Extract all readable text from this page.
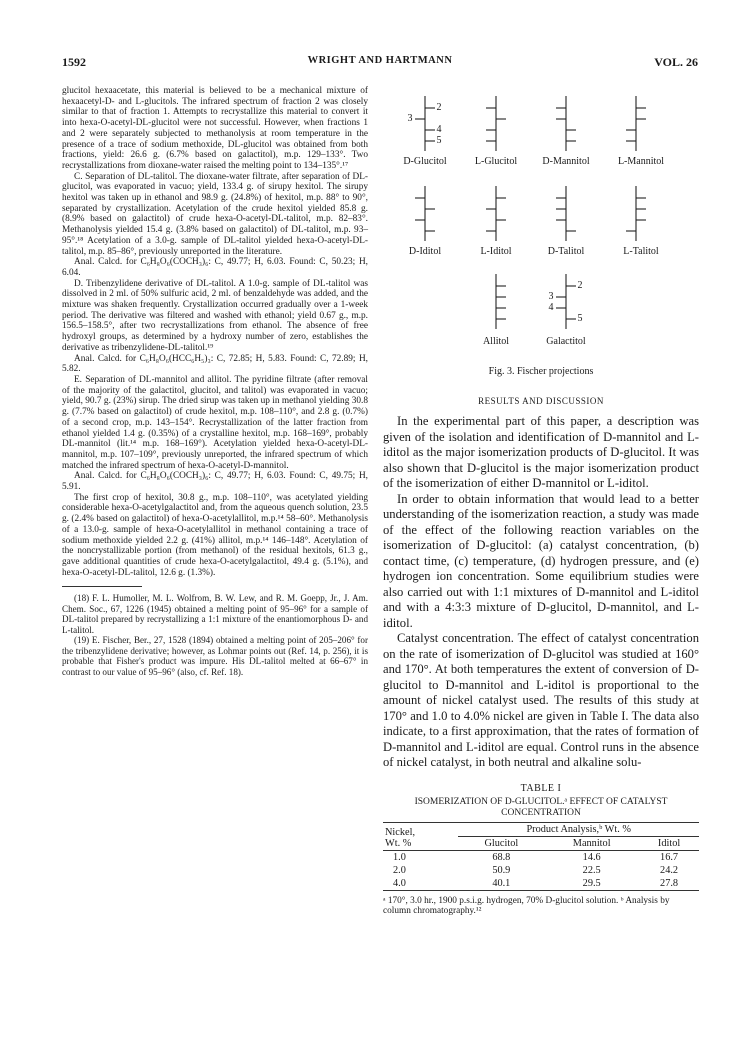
1592	WRIGHT AND HARTMANN	VOL. 26

glucitol hexaacetate, this material is believed to be a mechanical mixture of hexaacetyl-D- and L-glucitols. The infrared spectrum of fraction 2 was closely similar to that of fraction 1. Attempts to recrystallize this material to convert it into hexa-O-acetyl-DL-glucitol were not successful. However, when fractions 1 and 2 were separately subjected to methanolysis at room temperature in the presence of a trace of sodium methoxide, DL-glucitol was obtained from both fractions, yield: 26.6 g. (6.7% based on galactitol), m.p. 129–133°. Two recrystallizations from dioxane-water raised the melting point to 134–135°.¹⁷

C. Separation of DL-talitol. The dioxane-water filtrate, after separation of DL-glucitol, was evaporated in vacuo; yield, 133.4 g. of sirupy hexitol. The sirupy hexitol was taken up in ethanol and 98.9 g. (24.8%) of hexitol, m.p. 88° to 90°, separated by crystallization. Acetylation of the crude hexitol yielded 85.8 g. (8.9% based on galactitol) of crude hexa-O-acetyl-DL-talitol, m.p. 82–83°. Methanolysis yielded 15.4 g. (3.8% based on galactitol) of DL-talitol, m.p. 93–95°.¹⁸ Acetylation of a 3.0-g. sample of DL-talitol yielded hexa-O-acetyl-DL-talitol, m.p. 85–86°, previously unreported in the literature.

Anal. Calcd. for C₆H₈O₆(COCH₃)₆: C, 49.77; H, 6.03. Found: C, 50.23; H, 6.04.

D. Tribenzylidene derivative of DL-talitol. A 1.0-g. sample of DL-talitol was dissolved in 2 ml. of 50% sulfuric acid, 2 ml. of benzaldehyde was added, and the mixture was shaken frequently. Crystallization occurred gradually over a 1-week period. The derivative was filtered and washed with ethanol; yield 0.67 g., m.p. 156.5–158.5°, after two recrystallizations from ethanol. The absence of free hydroxyl groups, as determined by a hydroxy number of zero, establishes the derivative as tribenzylidene-DL-talitol.¹⁹

Anal. Calcd. for C₆H₈O₆(HCC₆H₅)₃: C, 72.85; H, 5.83. Found: C, 72.89; H, 5.82.

E. Separation of DL-mannitol and allitol. The pyridine filtrate (after removal of the majority of the galactitol, glucitol, and talitol) was evaporated in vacuo; yield, 90.7 g. (23%) sirup. The dried sirup was taken up in methanol yielding 30.8 g. (7.7% based on galactitol) of crude hexitol, m.p. 108–110°, and 2.8 g. (0.7%) of a second crop, m.p. 143–154°. Recrystallization of the latter fraction from ethanol yielded 1.4 g. (0.35%) of a crystalline hexitol, m.p. 168–169°, probably DL-mannitol (lit.¹⁴ m.p. 168–169°). Acetylation yielded hexa-O-acetyl-DL-mannitol, m.p. 107–109°, previously unreported, the infrared spectrum of which matched the infrared spectrum of hexa-O-acetyl-D-mannitol.

Anal. Calcd. for C₆H₈O₆(COCH₃)₆: C, 49.77; H, 6.03. Found: C, 49.75; H, 5.91.

The first crop of hexitol, 30.8 g., m.p. 108–110°, was acetylated yielding considerable hexa-O-acetylgalactitol and, from the aqueous quench solution, 23.5 g. (2.4% based on galactitol) of hexa-O-acetylallitol, m.p.¹⁴ 58–60°. Methanolysis of a 13.0-g. sample of hexa-O-acetylallitol in methanol containing a trace of sodium methoxide yielded 2.2 g. (41%) allitol, m.p.¹⁴ 146–148°. Acetylation of the noncrystallizable portion (from methanol) of the residual hexitols, 61.3 g., gave additional quantities of crude hexa-O-acetylgalactitol, 49.4 g. (5.1%), and hexa-O-acetyl-DL-talitol, 12.6 g. (1.3%).

(18) F. L. Humoller, M. L. Wolfrom, B. W. Lew, and R. M. Goepp, Jr., J. Am. Chem. Soc., 67, 1226 (1945) obtained a melting point of 95–96° for a sample of DL-talitol prepared by recrystallizing a 1:1 mixture of the enantiomorphous D- and L-talitol.

(19) E. Fischer, Ber., 27, 1528 (1894) obtained a melting point of 205–206° for the tribenzylidene derivative; however, as Lohmar points out (Ref. 14, p. 256), it is probable that Fisher's product was impure. His DL-talitol melted at 66–67° in contrast to our value of 95–96° (also, cf. Ref. 18).

2
3
4
5
2
3
4
5
D-Glucitol	L-Glucitol	D-Mannitol	L-Mannitol
D-Iditol	L-Iditol	D-Talitol	L-Talitol
Allitol	Galactitol
Fig. 3. Fischer projections
RESULTS AND DISCUSSION

In the experimental part of this paper, a description was given of the isolation and identification of D-mannitol and L-iditol as the major isomerization products of D-glucitol. It was also shown that D-glucitol is the major isomerization product of the isomerization of either D-mannitol or L-iditol.

In order to obtain information that would lead to a better understanding of the isomerization reaction, a study was made of the effect of the following reaction variables on the isomerization of D-glucitol: (a) catalyst concentration, (b) contact time, (c) temperature, (d) hydrogen pressure, and (e) hydrogen ion concentration. Some equilibrium studies were also carried out with 1:1 mixtures of D-mannitol and L-iditol and with a 4:3:3 mixture of D-glucitol, D-mannitol, and L-iditol.

Catalyst concentration. The effect of catalyst concentration on the rate of isomerization of D-glucitol was studied at 160° and 170°. At both temperatures the extent of conversion of D-glucitol to D-mannitol and L-iditol is proportional to the amount of nickel catalyst used. The results of this study at 170° and 1.0 to 4.0% nickel are given in Table I. The data also indicate, to a first approximation, that the rates of formation of D-mannitol and L-iditol are equal. Control runs in the absence of nickel catalyst, in both neutral and alkaline solu-

TABLE I
ISOMERIZATION OF D-GLUCITOL.ᵃ EFFECT OF CATALYST CONCENTRATION
Nickel,
Wt. %	Product Analysis,ᵇ Wt. %		
	Glucitol	Mannitol	Iditol
1.0	68.8	14.6	16.7
2.0	50.9	22.5	24.2
4.0	40.1	29.5	27.8
ᵃ 170°, 3.0 hr., 1900 p.s.i.g. hydrogen, 70% D-glucitol solution. ᵇ Analysis by column chromatography.¹²
